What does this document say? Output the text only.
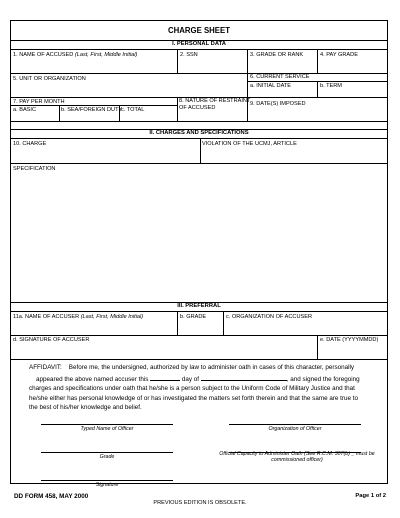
CHARGE SHEET
I. PERSONAL DATA
1. NAME OF ACCUSED (Last, First, Middle Initial)	2. SSN	3. GRADE OR RANK	4. PAY GRADE
5. UNIT OR ORGANIZATION	6. CURRENT SERVICE
a. INITIAL DATE	b. TERM
7. PAY PER MONTH
a. BASIC	b. SEA/FOREIGN DUTY
c. TOTAL
8. NATURE OF RESTRAINT
OF ACCUSED
9. DATE(S) IMPOSED
II. CHARGES AND SPECIFICATIONS
10. CHARGE	VIOLATION OF THE UCMJ, ARTICLE
SPECIFICATION
III. PREFERRAL
11a. NAME OF ACCUSER (Last, First, Middle Initial)	b. GRADE	c. ORGANIZATION OF ACCUSER
d. SIGNATURE OF ACCUSER	e. DATE (YYYYMMDD)
AFFIDAVIT: Before me, the undersigned, authorized by law to administer oath in cases of this character, personally
appeared the above named accuser this	day of	, and signed the foregoing
charges and specifications under oath that he/she is a person subject to the Uniform Code of Military Justice and that
he/she either has personal knowledge of or has investigated the matters set forth therein and that the same are true to
the best of his/her knowledge and belief.
Typed Name of Officer	Organization of Officer
Grade	Official Capacity to Administer Oath (See R.C.M. 307(b) _ must be
commissioned officer)
Signature
DD FORM 458, MAY 2000
PREVIOUS EDITION IS OBSOLETE.
Page 1 of 2
